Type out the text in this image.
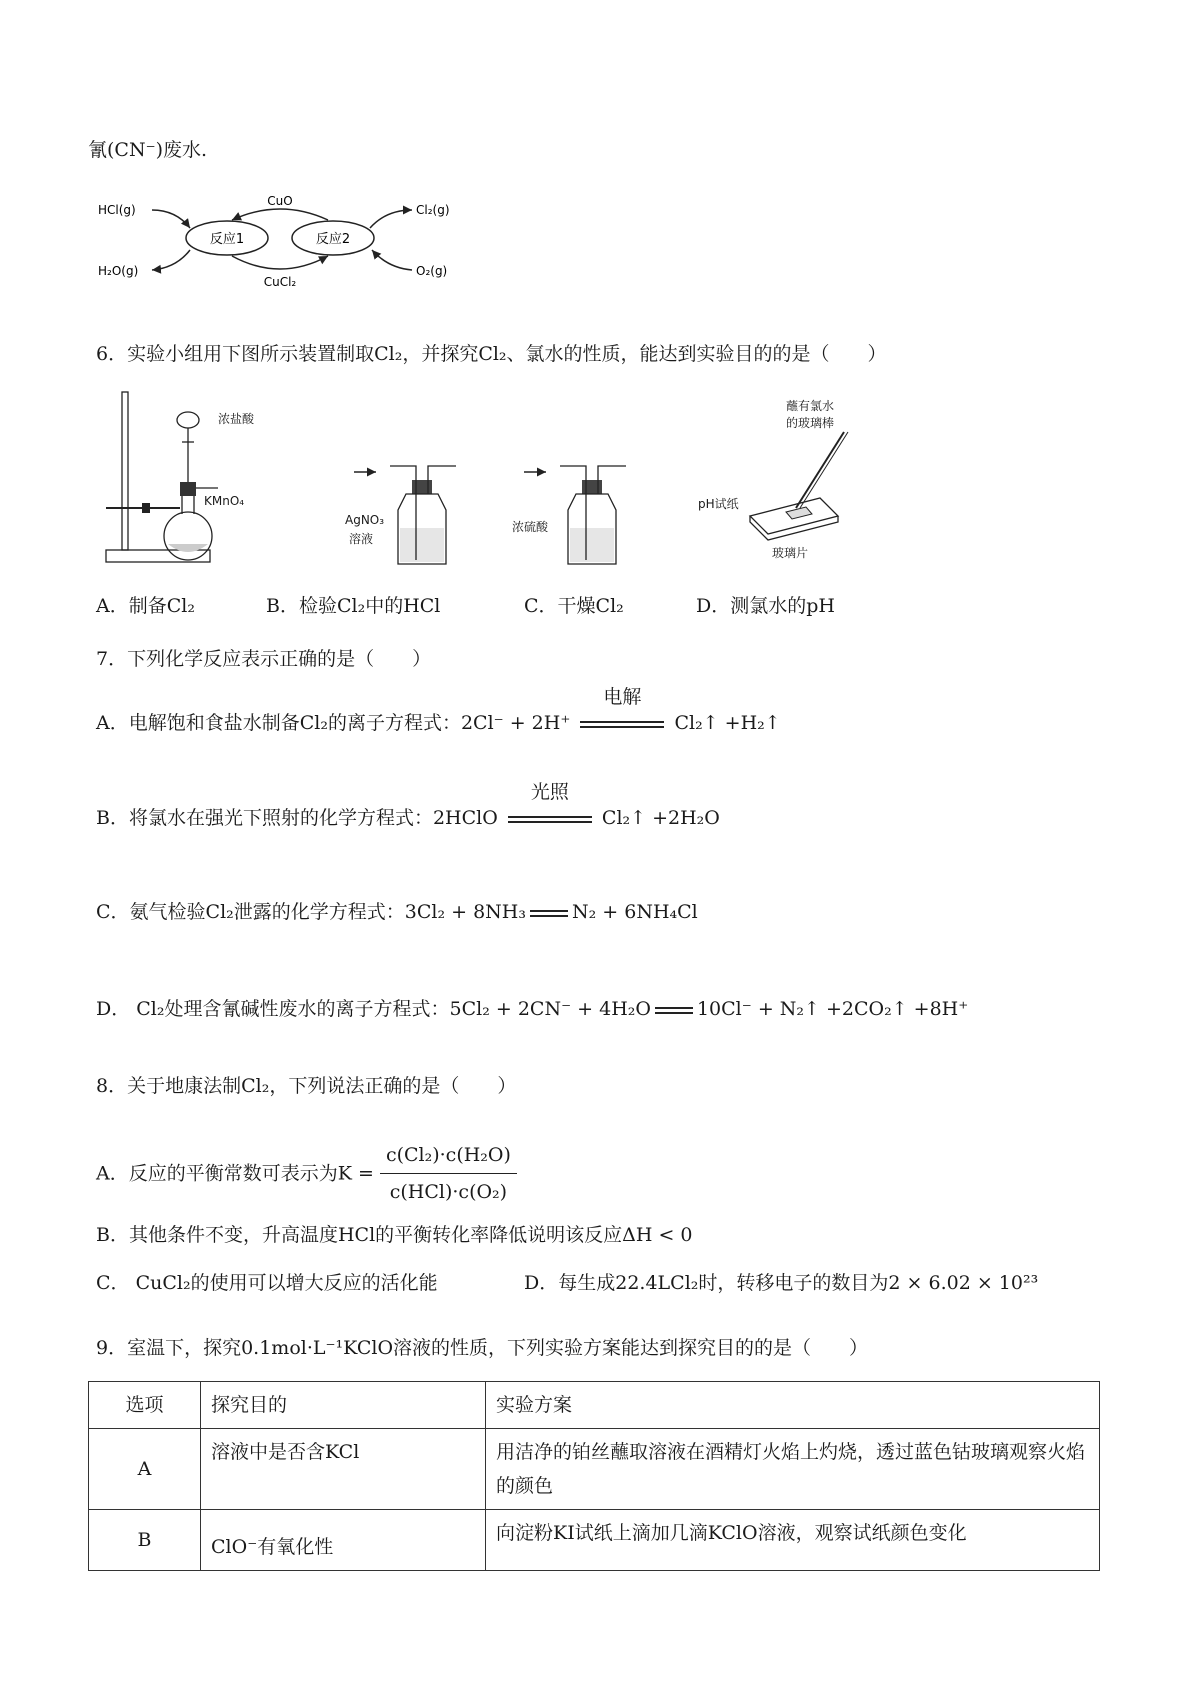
氰(CN⁻)废水.
反应1	反应2
CuO
CuCl₂
HCl(g)
H₂O(g)
Cl₂(g)
O₂(g)
6．实验小组用下图所示装置制取Cl₂，并探究Cl₂、氯水的性质，能达到实验目的的是（　　）
浓盐酸
KMnO₄
AgNO₃
溶液
浓硫酸
蘸有氯水
的玻璃棒
pH试纸
玻璃片
A．制备Cl₂	B．检验Cl₂中的HCl	C．干燥Cl₂	D．测氯水的pH
7．下列化学反应表示正确的是（　　）
A．电解饱和食盐水制备Cl₂的离子方程式：2Cl⁻ + 2H⁺
电解
Cl₂↑ +H₂↑
B．将氯水在强光下照射的化学方程式：2HClO
光照
Cl₂↑ +2H₂O
C．氨气检验Cl₂泄露的化学方程式：3Cl₂ + 8NH₃ N₂ + 6NH₄Cl
D． Cl₂处理含氰碱性废水的离子方程式：5Cl₂ + 2CN⁻ + 4H₂O 10Cl⁻ + N₂↑ +2CO₂↑ +8H⁺
8．关于地康法制Cl₂，下列说法正确的是（　　）
A．反应的平衡常数可表示为$K = \frac{\text{c(Cl₂)·c(H₂O)}}{\text{c(HCl)·c(O₂)}}$
B．其他条件不变，升高温度HCl的平衡转化率降低说明该反应ΔH < 0
C． CuCl₂的使用可以增大反应的活化能	D．每生成22.4LCl₂时，转移电子的数目为2 × 6.02 × 10²³
9．室温下，探究0.1mol·L⁻¹KClO溶液的性质，下列实验方案能达到探究目的的是（　　）
选项	探究目的	实验方案
A	溶液中是否含KCl	用洁净的铂丝蘸取溶液在酒精灯火焰上灼烧，透过蓝色钴玻璃观察火焰的颜色
B	ClO⁻有氧化性	向淀粉KI试纸上滴加几滴KClO溶液，观察试纸颜色变化
